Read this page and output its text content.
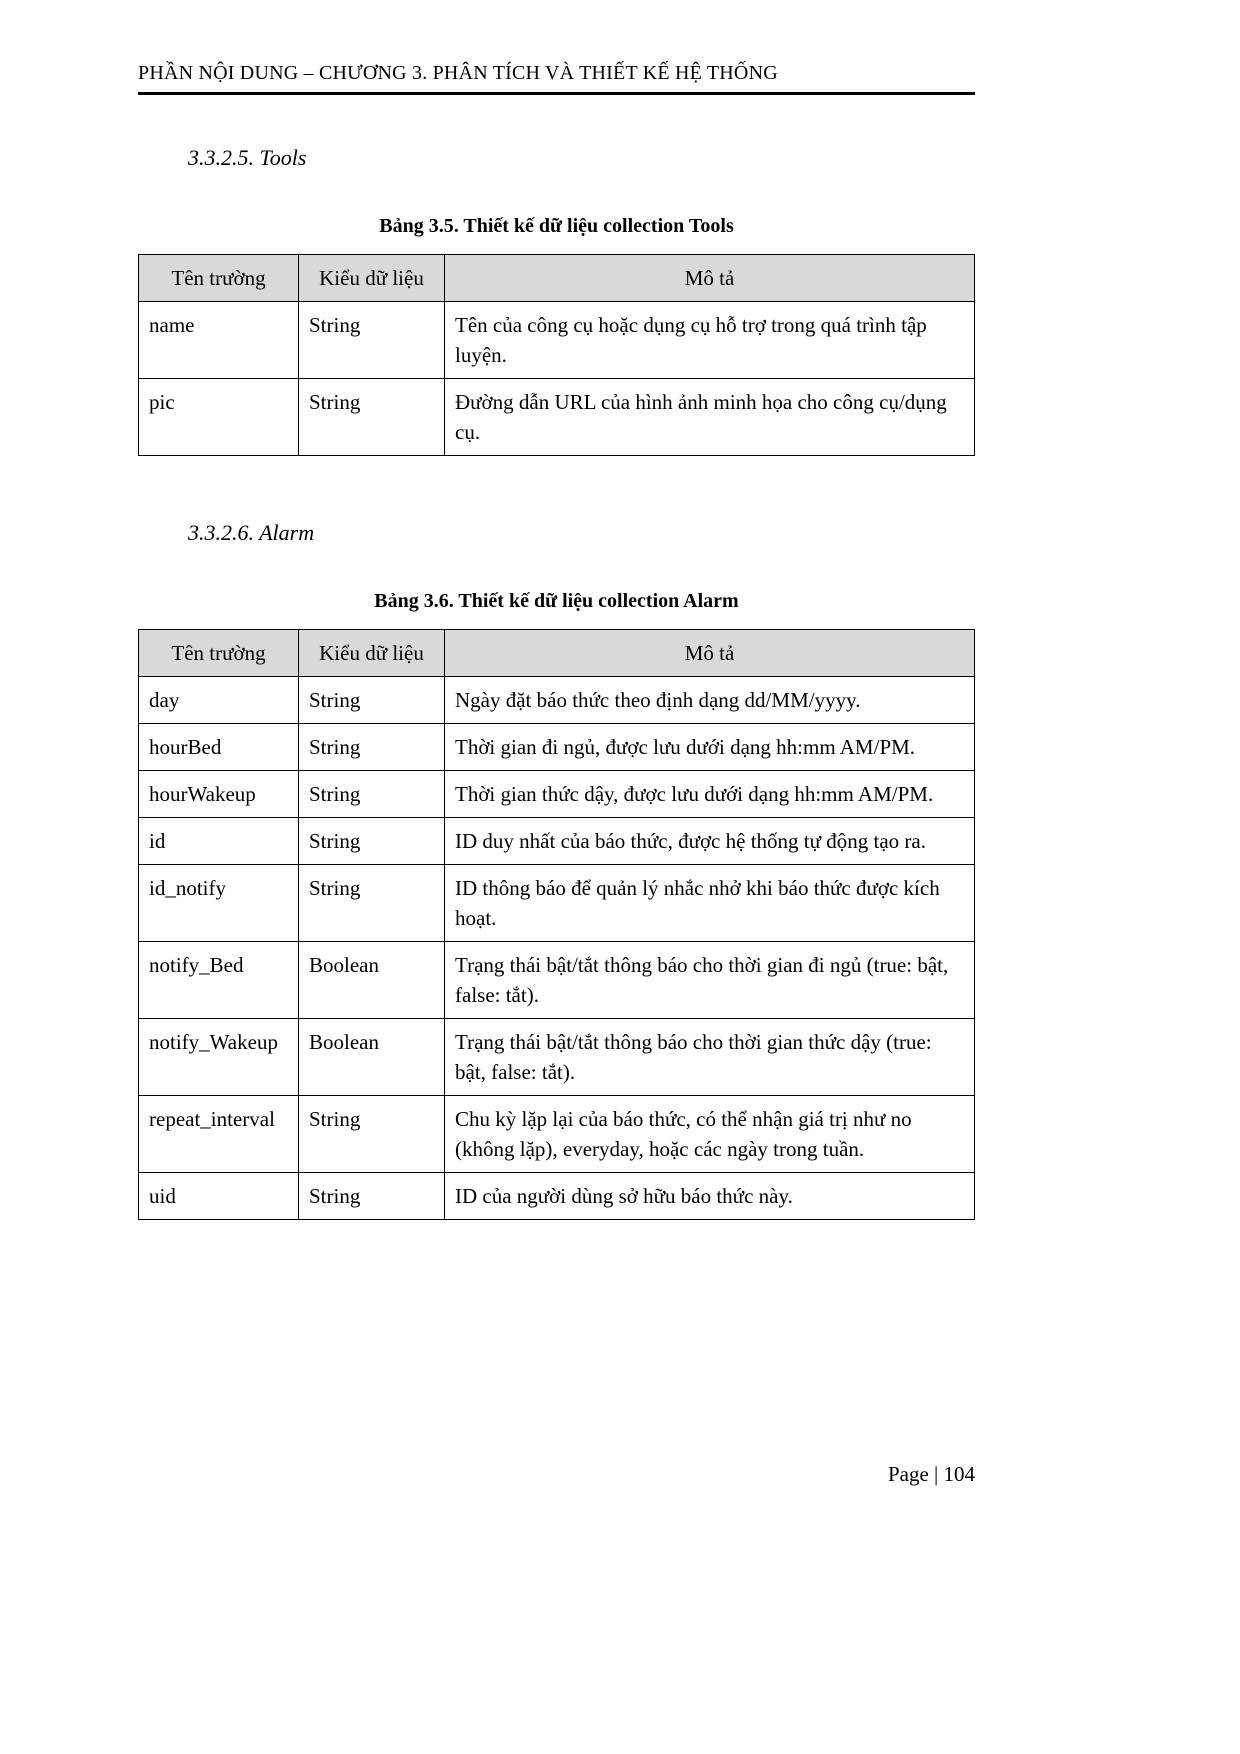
PHẦN NỘI DUNG – CHƯƠNG 3. PHÂN TÍCH VÀ THIẾT KẾ HỆ THỐNG
3.3.2.5. Tools

Bảng 3.5. Thiết kế dữ liệu collection Tools

Tên trường	Kiểu dữ liệu	Mô tả
name	String	Tên của công cụ hoặc dụng cụ hỗ trợ trong quá trình tập luyện.
pic	String	Đường dẫn URL của hình ảnh minh họa cho công cụ/dụng cụ.
3.3.2.6. Alarm

Bảng 3.6. Thiết kế dữ liệu collection Alarm

Tên trường	Kiểu dữ liệu	Mô tả
day	String	Ngày đặt báo thức theo định dạng dd/MM/yyyy.
hourBed	String	Thời gian đi ngủ, được lưu dưới dạng hh:mm AM/PM.
hourWakeup	String	Thời gian thức dậy, được lưu dưới dạng hh:mm AM/PM.
id	String	ID duy nhất của báo thức, được hệ thống tự động tạo ra.
id_notify	String	ID thông báo để quản lý nhắc nhở khi báo thức được kích hoạt.
notify_Bed	Boolean	Trạng thái bật/tắt thông báo cho thời gian đi ngủ (true: bật, false: tắt).
notify_Wakeup	Boolean	Trạng thái bật/tắt thông báo cho thời gian thức dậy (true: bật, false: tắt).
repeat_interval	String	Chu kỳ lặp lại của báo thức, có thể nhận giá trị như no (không lặp), everyday, hoặc các ngày trong tuần.
uid	String	ID của người dùng sở hữu báo thức này.
Page | 104
